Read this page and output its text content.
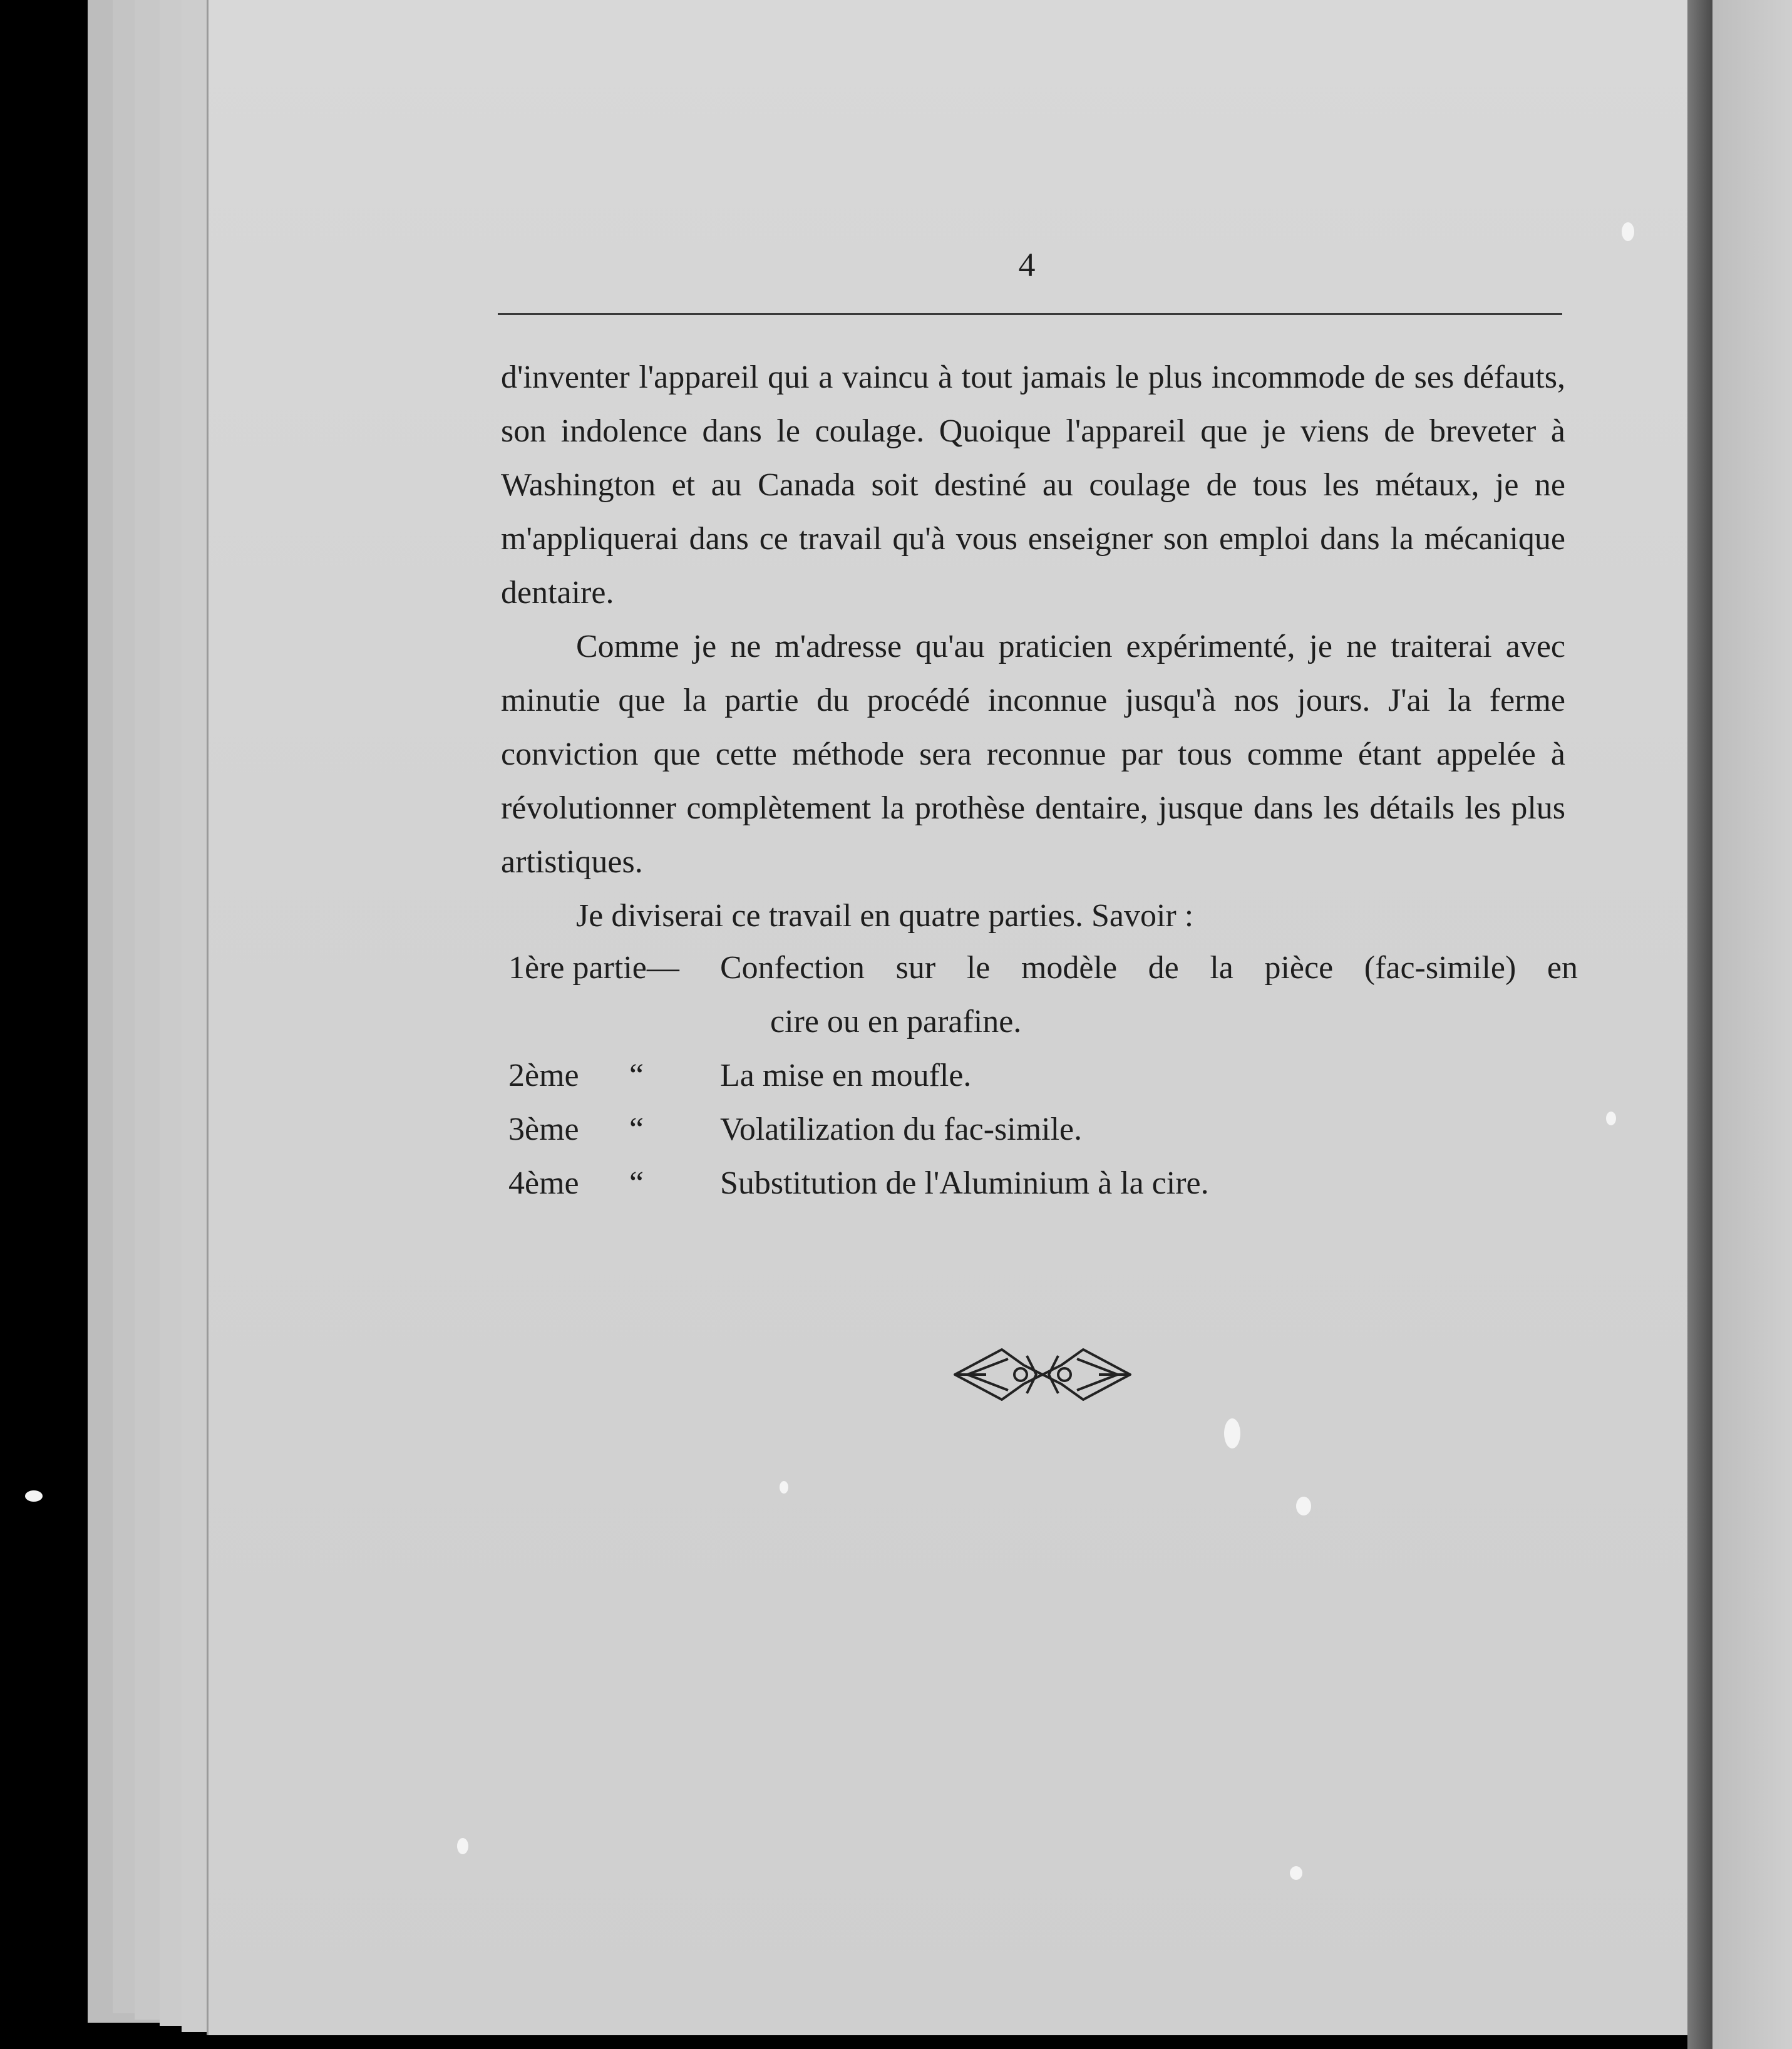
4

d'inventer l'appareil qui a vaincu à tout jamais le plus incommode de ses défauts, son indolence dans le coulage. Quoique l'appareil que je viens de breveter à Washington et au Canada soit destiné au coulage de tous les métaux, je ne m'appliquerai dans ce travail qu'à vous enseigner son emploi dans la mécanique dentaire.

Comme je ne m'adresse qu'au praticien expérimenté, je ne traiterai avec minutie que la partie du procédé inconnue jusqu'à nos jours. J'ai la ferme conviction que cette méthode sera reconnue par tous comme étant appelée à révolutionner complètement la prothèse dentaire, jusque dans les détails les plus artistiques.

Je diviserai ce travail en quatre parties. Savoir :

1ère partie— Confection sur le modèle de la pièce (fac-simile) en
cire ou en parafine.
2ème “ La mise en moufle.
3ème “ Volatilization du fac-simile.
4ème “ Substitution de l'Aluminium à la cire.
